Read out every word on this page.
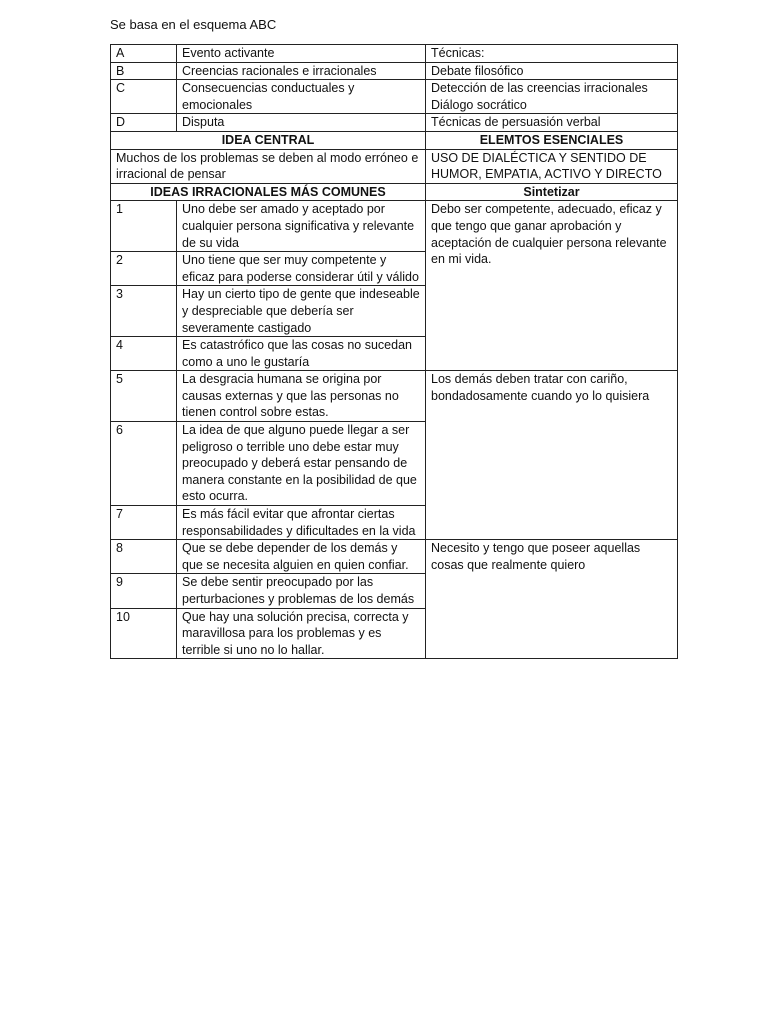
Se basa en el esquema ABC
A	Evento activante	Técnicas:
B	Creencias racionales e irracionales	Debate filosófico
C	Consecuencias conductuales y emocionales	Detección de las creencias irracionales Diálogo socrático
D	Disputa	Técnicas de persuasión verbal
IDEA CENTRAL		ELEMTOS ESENCIALES
Muchos de los problemas se deben al modo erróneo e irracional de pensar		USO DE DIALÉCTICA Y SENTIDO DE HUMOR, EMPATIA, ACTIVO Y DIRECTO
IDEAS IRRACIONALES MÁS COMUNES		Sintetizar
1	Uno debe ser amado y aceptado por cualquier persona significativa y relevante de su vida	Debo ser competente, adecuado, eficaz y que tengo que ganar aprobación y aceptación de cualquier persona relevante en mi vida.
2	Uno tiene que ser muy competente y eficaz para poderse considerar útil y válido	
3	Hay un cierto tipo de gente que indeseable y despreciable que debería ser severamente castigado	
4	Es catastrófico que las cosas no sucedan como a uno le gustaría	
5	La desgracia humana se origina por causas externas y que las personas no tienen control sobre estas.	Los demás deben tratar con cariño, bondadosamente cuando yo lo quisiera
6	La idea de que alguno puede llegar a ser peligroso o terrible uno debe estar muy preocupado y deberá estar pensando de manera constante en la posibilidad de que esto ocurra.	
7	Es más fácil evitar que afrontar ciertas responsabilidades y dificultades en la vida	
8	Que se debe depender de los demás y que se necesita alguien en quien confiar.	Necesito y tengo que poseer aquellas cosas que realmente quiero
9	Se debe sentir preocupado por las perturbaciones y problemas de los demás	
10	Que hay una solución precisa, correcta y maravillosa para los problemas y es terrible si uno no lo hallar.	
